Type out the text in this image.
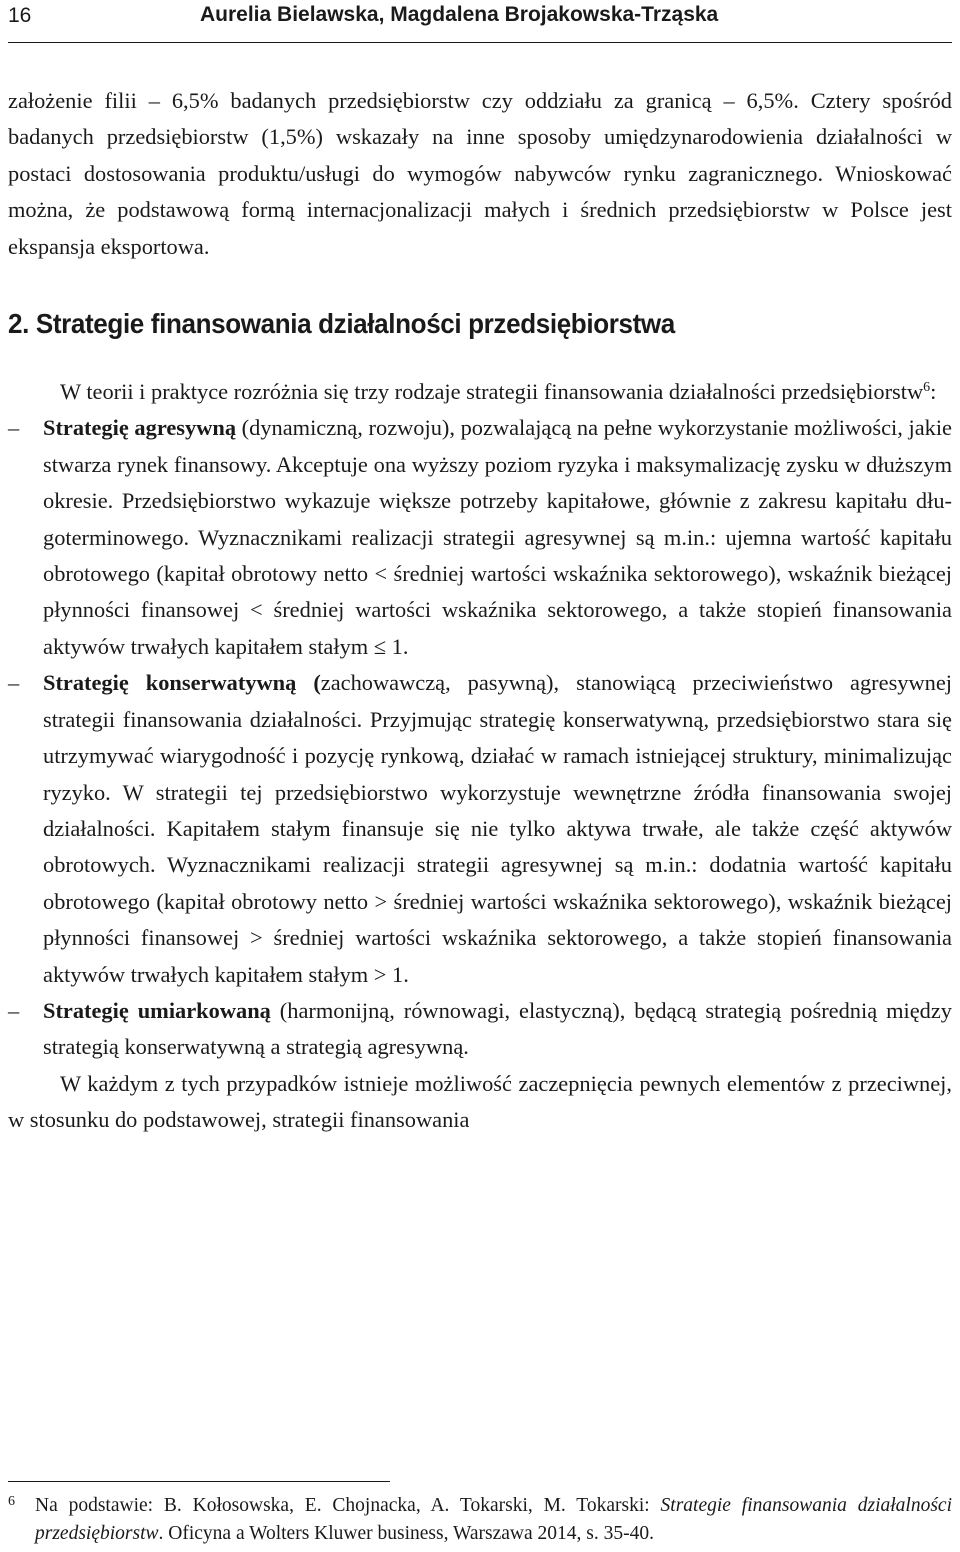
16	Aurelia Bielawska, Magdalena Brojakowska-Trząska

założenie filii – 6,5% badanych przedsiębiorstw czy oddziału za granicą – 6,5%. Cztery spośród badanych przedsiębiorstw (1,5%) wskazały na inne sposoby umiędzynarodowienia działalności w postaci dostosowania produktu/usługi do wymogów nabywców rynku zagranicznego. Wnioskować można, że podstawową formą internacjonalizacji małych i średnich przedsiębiorstw w Polsce jest ekspansja eksportowa.

2. Strategie finansowania działalności przedsiębiorstwa

W teorii i praktyce rozróżnia się trzy rodzaje strategii finansowania działalności przedsiębiorstw$^6$:

–	Strategię agresywną (dynamiczną, rozwoju), pozwalającą na pełne wykorzystanie możliwości, jakie stwarza rynek finansowy. Akceptuje ona wyższy poziom ryzyka i maksymalizację zysku w dłuższym okresie. Przedsiębiorstwo wykazuje większe potrzeby kapitałowe, głównie z zakresu kapitału długoterminowego. Wyznacznikami realizacji strategii agresywnej są m.in.: ujemna wartość kapitału obrotowego (kapitał obrotowy netto < średniej wartości wskaźnika sektorowego), wskaźnik bieżącej płynności finansowej < średniej wartości wskaźnika sektorowego, a także stopień finansowania aktywów trwałych kapitałem stałym ≤ 1.
–	Strategię konserwatywną (zachowawczą, pasywną), stanowiącą przeciwieństwo agresywnej strategii finansowania działalności. Przyjmując strategię konserwatywną, przedsiębiorstwo stara się utrzymywać wiarygodność i pozycję rynkową, działać w ramach istniejącej struktury, minimalizując ryzyko. W strategii tej przedsiębiorstwo wykorzystuje wewnętrzne źródła finansowania swojej działalności. Kapitałem stałym finansuje się nie tylko aktywa trwałe, ale także część aktywów obrotowych. Wyznacznikami realizacji strategii agresywnej są m.in.: dodatnia wartość kapitału obrotowego (kapitał obrotowy netto > średniej wartości wskaźnika sektorowego), wskaźnik bieżącej płynności finansowej > średniej wartości wskaźnika sektorowego, a także stopień finansowania aktywów trwałych kapitałem stałym > 1.
–	Strategię umiarkowaną (harmonijną, równowagi, elastyczną), będącą strategią pośrednią między strategią konserwatywną a strategią agresywną.

W każdym z tych przypadków istnieje możliwość zaczepnięcia pewnych elementów z przeciwnej, w stosunku do podstawowej, strategii finansowania

6	Na podstawie: B. Kołosowska, E. Chojnacka, A. Tokarski, M. Tokarski: Strategie finansowania działalności przedsiębiorstw. Oficyna a Wolters Kluwer business, Warszawa 2014, s. 35-40.
